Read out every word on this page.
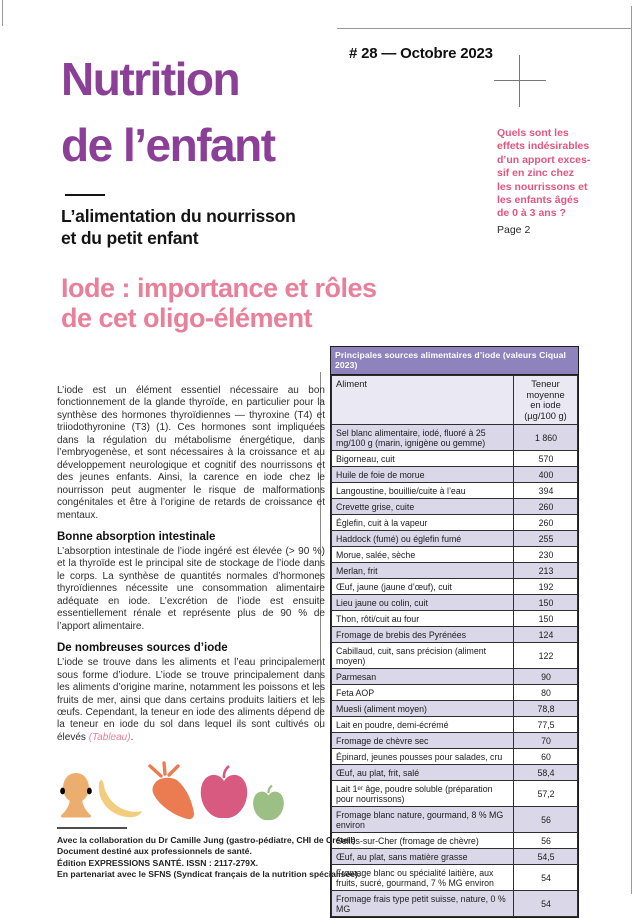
# 28 — Octobre 2023
Nutrition
de l’enfant
L’alimentation du nourrisson
et du petit enfant
Quels sont les
effets indésirables
d’un apport exces-
sif en zinc chez
les nourrissons et
les enfants âgés
de 0 à 3 ans ?
Page 2
Iode : importance et rôles
de cet oligo-élément

L’iode est un élément essentiel nécessaire au bon fonctionnement de la glande thyroïde, en particulier pour la synthèse des hormones thyroïdiennes — thyroxine (T4) et triiodothyronine (T3) (1). Ces hormones sont impliquées dans la régulation du métabolisme énergétique, dans l’embryogenèse, et sont nécessaires à la croissance et au développement neurologique et cognitif des nourrissons et des jeunes enfants. Ainsi, la carence en iode chez le nourrisson peut augmenter le risque de malformations congénitales et être à l’origine de retards de croissance et mentaux.

Bonne absorption intestinale

L’absorption intestinale de l’iode ingéré est élevée (> 90 %) et la thyroïde est le principal site de stockage de l’iode dans le corps. La synthèse de quantités normales d’hormones thyroïdiennes nécessite une consommation alimentaire adéquate en iode. L’excrétion de l’iode est ensuite essentiellement rénale et représente plus de 90 % de l’apport alimentaire.

De nombreuses sources d’iode

L’iode se trouve dans les aliments et l’eau principalement sous forme d’iodure. L’iode se trouve principalement dans les aliments d’origine marine, notamment les poissons et les fruits de mer, ainsi que dans certains produits laitiers et les œufs. Cependant, la teneur en iode des aliments dépend de la teneur en iode du sol dans lequel ils sont cultivés ou élevés (Tableau).

Principales sources alimentaires d’iode (valeurs Ciqual 2023)
Aliment	Teneur
moyenne
en iode
(µg/100 g)

Sel blanc alimentaire, iodé, fluoré à 25 mg/100 g (marin, ignigène ou gemme)	1 860
Bigorneau, cuit	570
Huile de foie de morue	400
Langoustine, bouillie/cuite à l’eau	394
Crevette grise, cuite	260
Églefin, cuit à la vapeur	260
Haddock (fumé) ou églefin fumé	255
Morue, salée, sèche	230
Merlan, frit	213
Œuf, jaune (jaune d’œuf), cuit	192
Lieu jaune ou colin, cuit	150
Thon, rôti/cuit au four	150
Fromage de brebis des Pyrénées	124
Cabillaud, cuit, sans précision (aliment moyen)	122
Parmesan	90
Feta AOP	80
Muesli (aliment moyen)	78,8
Lait en poudre, demi-écrémé	77,5
Fromage de chèvre sec	70
Épinard, jeunes pousses pour salades, cru	60
Œuf, au plat, frit, salé	58,4
Lait 1ᵉʳ âge, poudre soluble (préparation pour nourrissons)	57,2
Fromage blanc nature, gourmand, 8 % MG environ	56
Selles-sur-Cher (fromage de chèvre)	56
Œuf, au plat, sans matière grasse	54,5
Fromage blanc ou spécialité laitière, aux fruits, sucré, gourmand, 7 % MG environ	54
Fromage frais type petit suisse, nature, 0 % MG	54
Avec la collaboration du Dr Camille Jung (gastro-pédiatre, CHI de Créteil)
Document destiné aux professionnels de santé.
Édition EXPRESSIONS SANTÉ. ISSN : 2117-279X.
En partenariat avec le SFNS (Syndicat français de la nutrition spécialisée).
